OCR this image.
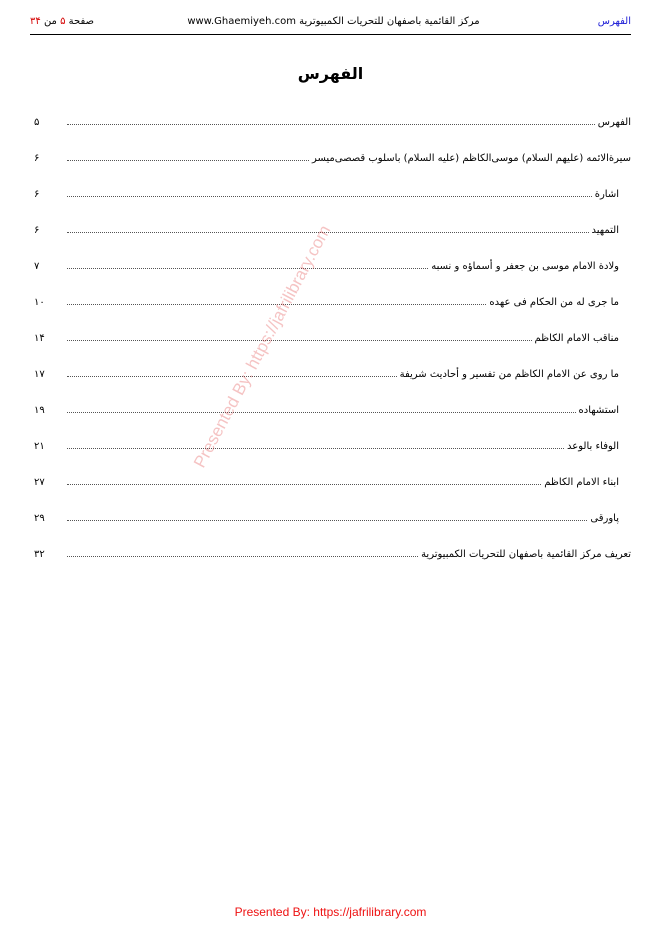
الفهرس
مرکز القائمیة باصفهان للتحریات الکمبیوتریة www.Ghaemiyeh.com
صفحة ۵ من ۳۴
الفهرس
۵	الفهرس
۶	سیرةالائمه (علیهم السلام) موسی‌الکاظم (علیه السلام) باسلوب قصصی‌میسر
۶	اشارة
۶	التمهید
۷	ولادة الامام موسی بن جعفر و أسماؤه و نسبه
۱۰	ما جری له من الحکام فی عهده
۱۴	مناقب الامام الکاظم
۱۷	ما روی عن الامام الکاظم من تفسیر و أحادیث شریفة
۱۹	استشهاده
۲۱	الوفاء بالوعد
۲۷	ابناء الامام الکاظم
۲۹	پاورقی
۳۲	تعریف مرکز القائمیة باصفهان للتحریات الکمبیوتریة
Presented By: https://jafrilibrary.com
Presented By: https://jafrilibrary.com
